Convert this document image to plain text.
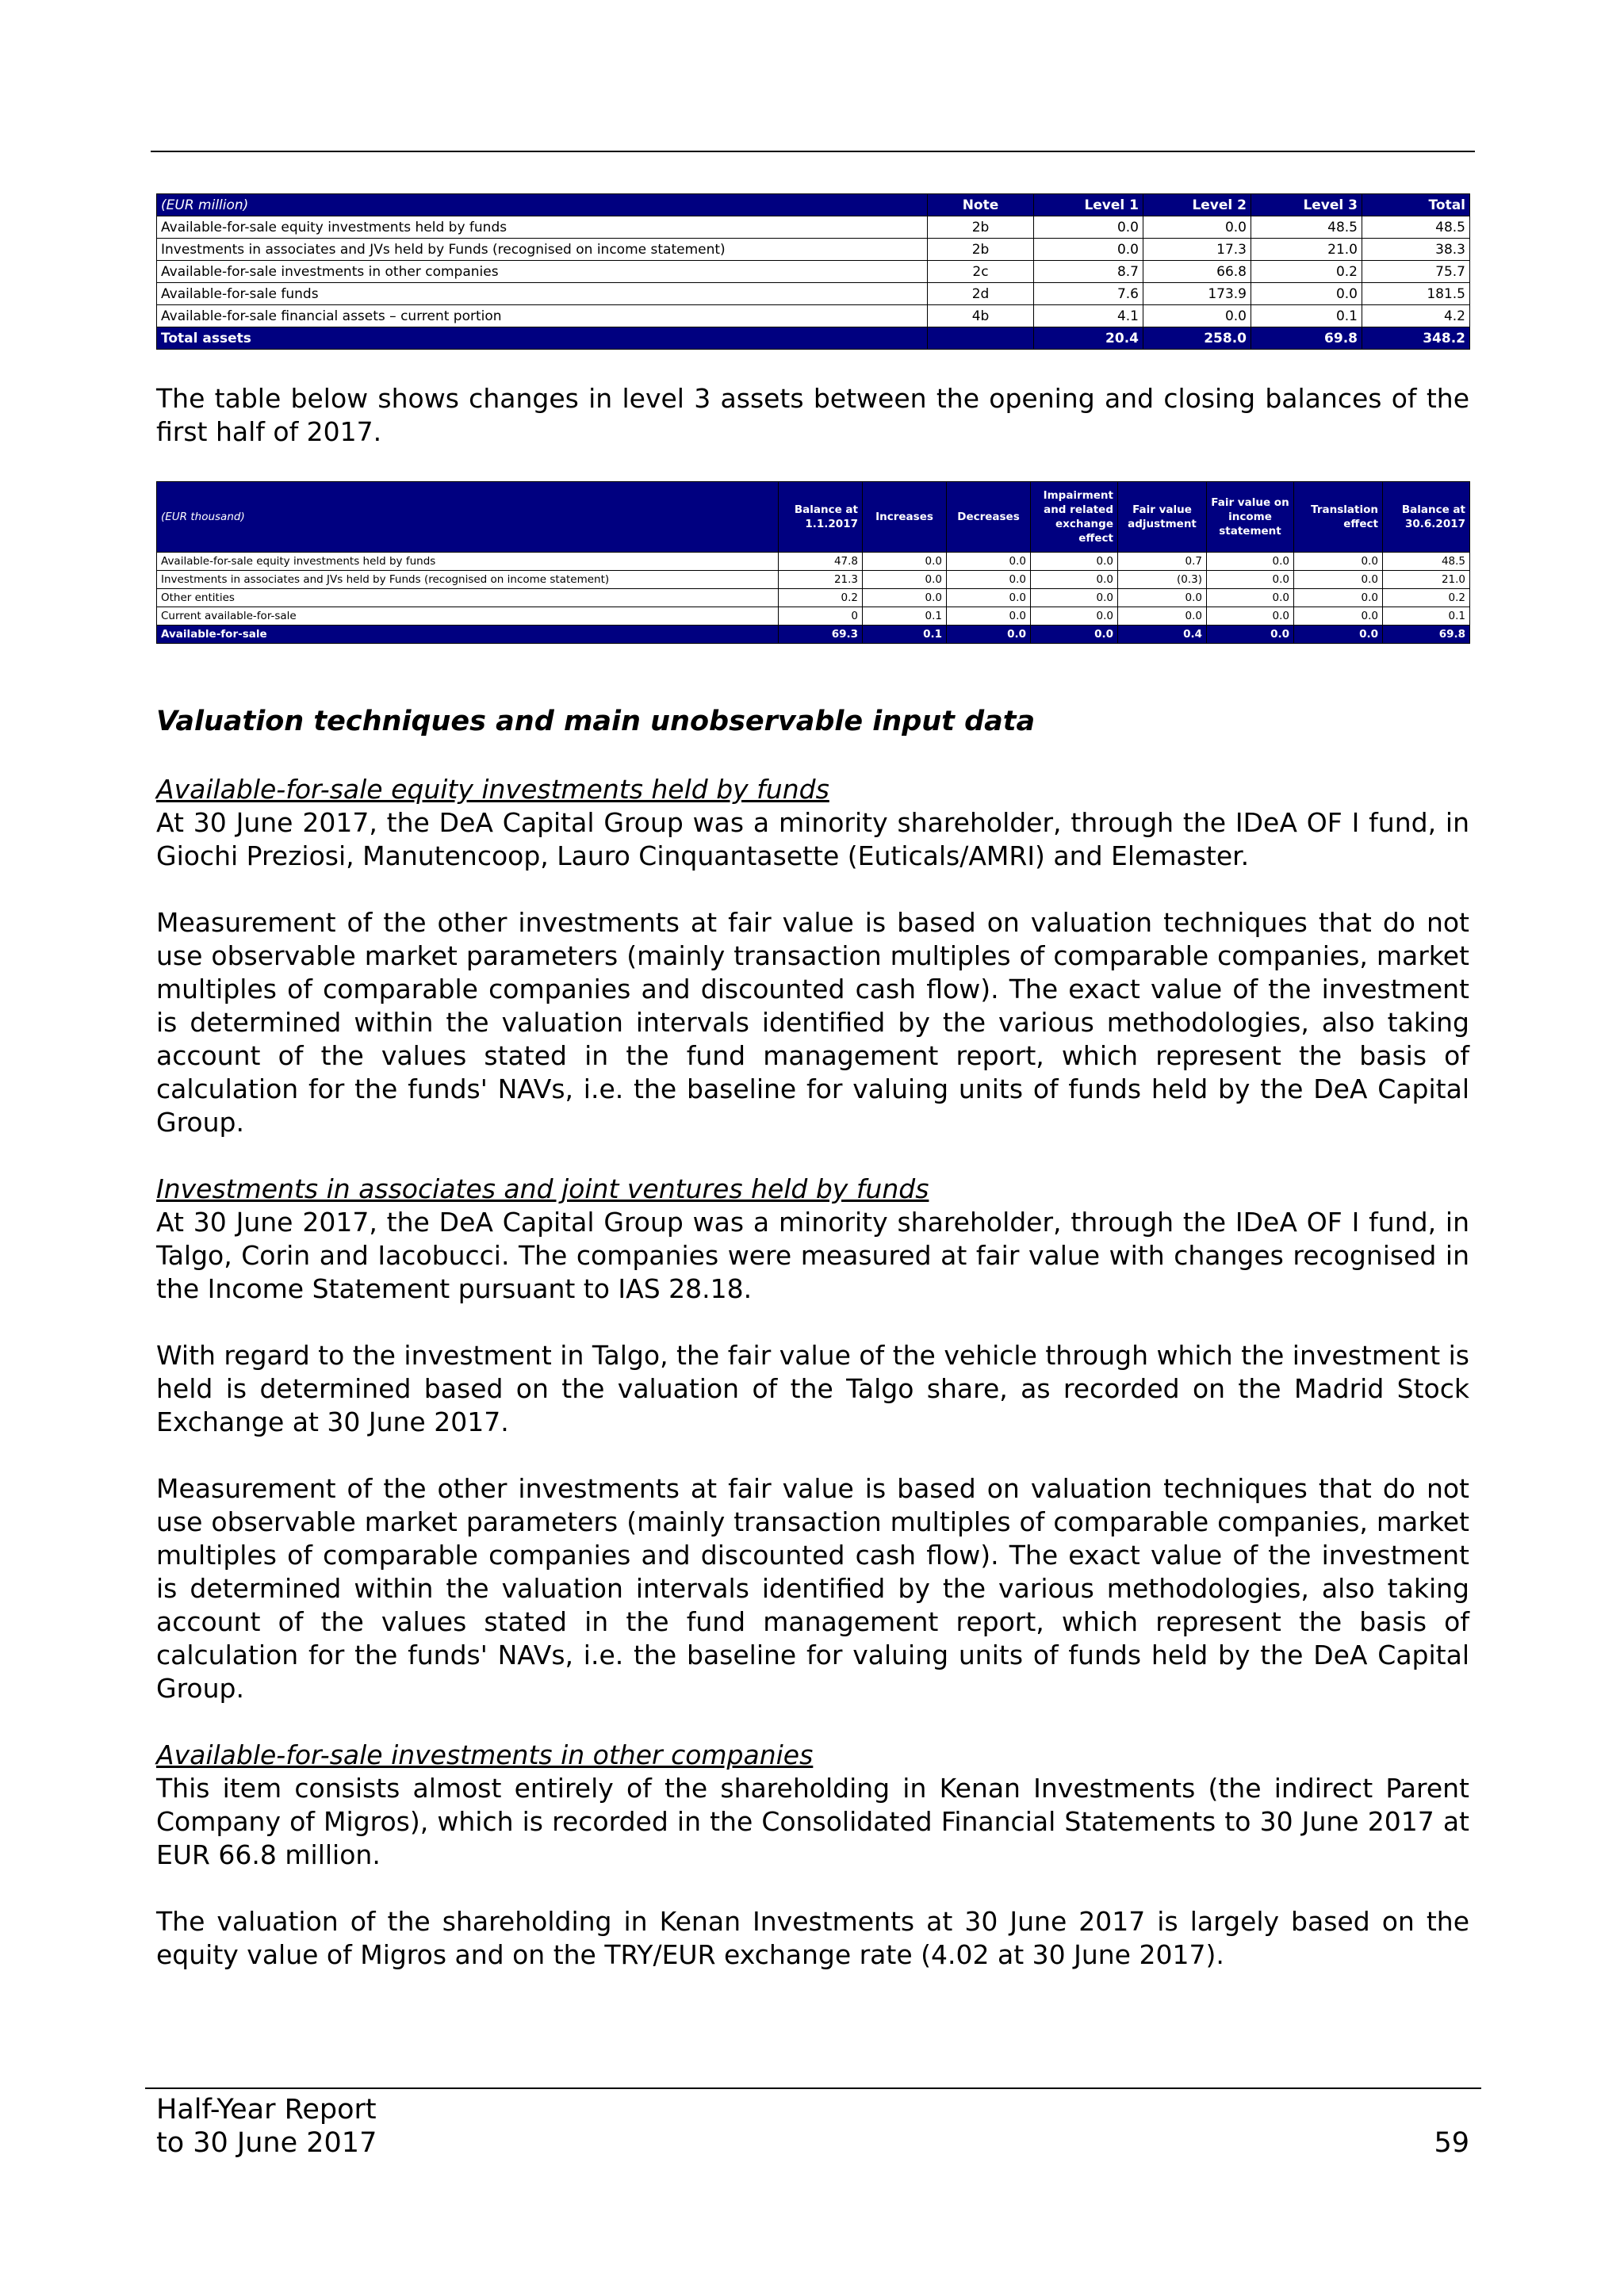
(EUR million)	Note	Level 1	Level 2	Level 3	Total
Available-for-sale equity investments held by funds	2b	0.0	0.0	48.5	48.5
Investments in associates and JVs held by Funds (recognised on income statement)	2b	0.0	17.3	21.0	38.3
Available-for-sale investments in other companies	2c	8.7	66.8	0.2	75.7
Available-for-sale funds	2d	7.6	173.9	0.0	181.5
Available-for-sale financial assets – current portion	4b	4.1	0.0	0.1	4.2
Total assets		20.4	258.0	69.8	348.2

The table below shows changes in level 3 assets between the opening and closing balances of the first half of 2017.

(EUR thousand)	Balance at 1.1.2017	Increases	Decreases	Impairment and related exchange effect	Fair value adjustment	Fair value on income statement	Translation effect	Balance at 30.6.2017
Available-for-sale equity investments held by funds	47.8	0.0	0.0	0.0	0.7	0.0	0.0	48.5
Investments in associates and JVs held by Funds (recognised on income statement)	21.3	0.0	0.0	0.0	(0.3)	0.0	0.0	21.0
Other entities	0.2	0.0	0.0	0.0	0.0	0.0	0.0	0.2
Current available-for-sale	0	0.1	0.0	0.0	0.0	0.0	0.0	0.1
Available-for-sale	69.3	0.1	0.0	0.0	0.4	0.0	0.0	69.8
Valuation techniques and main unobservable input data

Available-for-sale equity investments held by funds

At 30 June 2017, the DeA Capital Group was a minority shareholder, through the IDeA OF I fund, in Giochi Preziosi, Manutencoop, Lauro Cinquantasette (Euticals/AMRI) and Elemaster.

Measurement of the other investments at fair value is based on valuation techniques that do not use observable market parameters (mainly transaction multiples of comparable companies, market multiples of comparable companies and discounted cash flow). The exact value of the investment is determined within the valuation intervals identified by the various methodologies, also taking account of the values stated in the fund management report, which represent the basis of calculation for the funds' NAVs, i.e. the baseline for valuing units of funds held by the DeA Capital Group.

Investments in associates and joint ventures held by funds

At 30 June 2017, the DeA Capital Group was a minority shareholder, through the IDeA OF I fund, in Talgo, Corin and Iacobucci. The companies were measured at fair value with changes recognised in the Income Statement pursuant to IAS 28.18.

With regard to the investment in Talgo, the fair value of the vehicle through which the investment is held is determined based on the valuation of the Talgo share, as recorded on the Madrid Stock Exchange at 30 June 2017.

Measurement of the other investments at fair value is based on valuation techniques that do not use observable market parameters (mainly transaction multiples of comparable companies, market multiples of comparable companies and discounted cash flow). The exact value of the investment is determined within the valuation intervals identified by the various methodologies, also taking account of the values stated in the fund management report, which represent the basis of calculation for the funds' NAVs, i.e. the baseline for valuing units of funds held by the DeA Capital Group.

Available-for-sale investments in other companies

This item consists almost entirely of the shareholding in Kenan Investments (the indirect Parent Company of Migros), which is recorded in the Consolidated Financial Statements to 30 June 2017 at EUR 66.8 million.

The valuation of the shareholding in Kenan Investments at 30 June 2017 is largely based on the equity value of Migros and on the TRY/EUR exchange rate (4.02 at 30 June 2017).

Half-Year Report
to 30 June 2017	59
